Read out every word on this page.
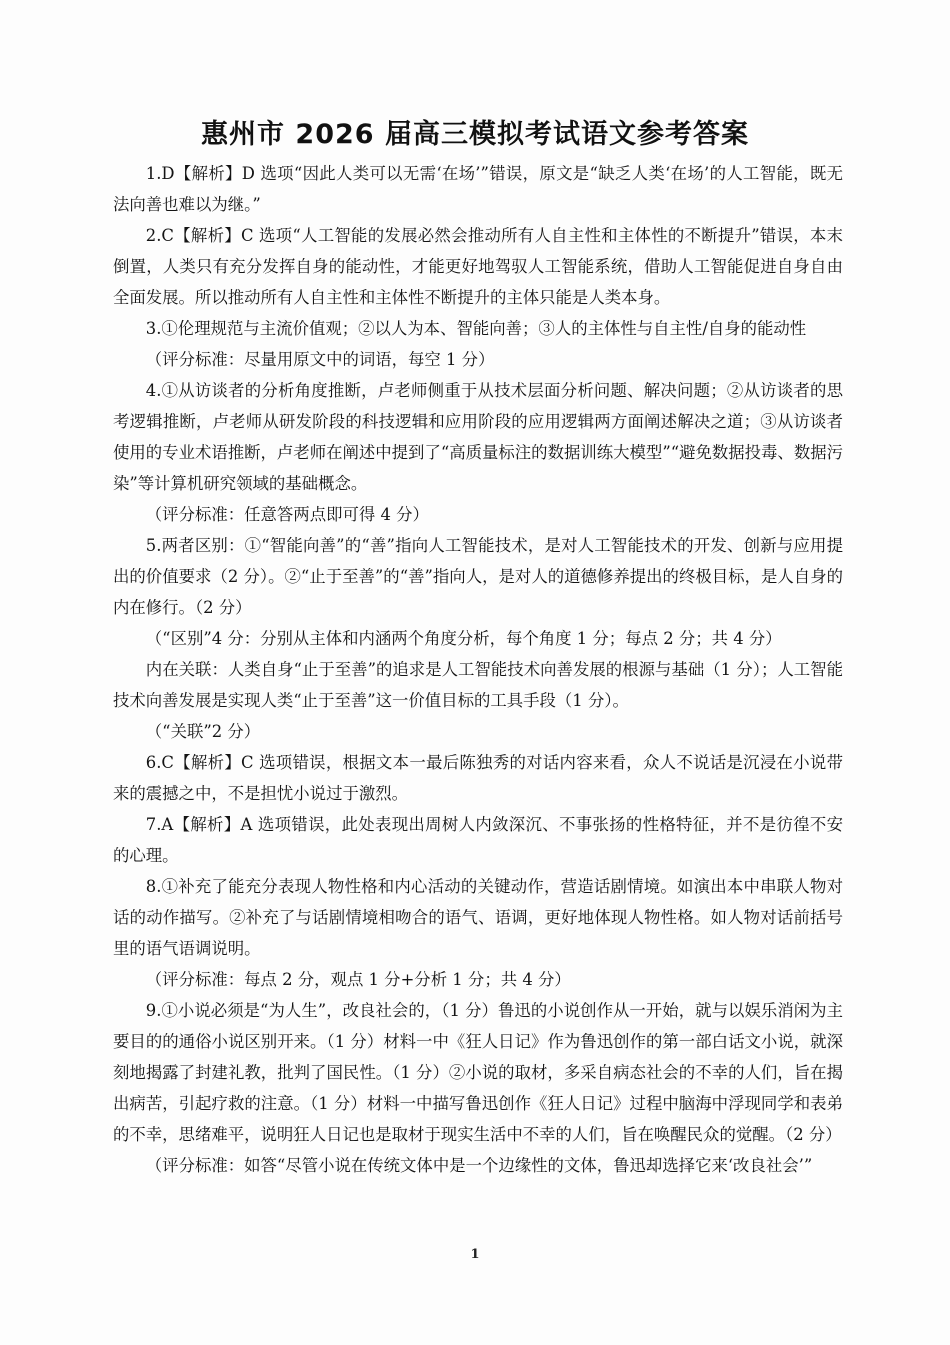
惠州市 2026 届高三模拟考试语文参考答案

1.D【解析】D 选项“因此人类可以无需‘在场’”错误，原文是“缺乏人类‘在场’的人工智能，既无法向善也难以为继。”

2.C【解析】C 选项“人工智能的发展必然会推动所有人自主性和主体性的不断提升”错误，本末倒置，人类只有充分发挥自身的能动性，才能更好地驾驭人工智能系统，借助人工智能促进自身自由全面发展。所以推动所有人自主性和主体性不断提升的主体只能是人类本身。

3.①伦理规范与主流价值观；②以人为本、智能向善；③人的主体性与自主性/自身的能动性

（评分标准：尽量用原文中的词语，每空 1 分）

4.①从访谈者的分析角度推断，卢老师侧重于从技术层面分析问题、解决问题；②从访谈者的思考逻辑推断，卢老师从研发阶段的科技逻辑和应用阶段的应用逻辑两方面阐述解决之道；③从访谈者使用的专业术语推断，卢老师在阐述中提到了“高质量标注的数据训练大模型”“避免数据投毒、数据污染”等计算机研究领域的基础概念。

（评分标准：任意答两点即可得 4 分）

5.两者区别：①“智能向善”的“善”指向人工智能技术，是对人工智能技术的开发、创新与应用提出的价值要求（2 分）。②“止于至善”的“善”指向人，是对人的道德修养提出的终极目标，是人自身的内在修行。（2 分）

（“区别”4 分：分别从主体和内涵两个角度分析，每个角度 1 分；每点 2 分；共 4 分）

内在关联：人类自身“止于至善”的追求是人工智能技术向善发展的根源与基础（1 分）；人工智能技术向善发展是实现人类“止于至善”这一价值目标的工具手段（1 分）。

（“关联”2 分）

6.C【解析】C 选项错误，根据文本一最后陈独秀的对话内容来看，众人不说话是沉浸在小说带来的震撼之中，不是担忧小说过于激烈。

7.A【解析】A 选项错误，此处表现出周树人内敛深沉、不事张扬的性格特征，并不是彷徨不安的心理。

8.①补充了能充分表现人物性格和内心活动的关键动作，营造话剧情境。如演出本中串联人物对话的动作描写。②补充了与话剧情境相吻合的语气、语调，更好地体现人物性格。如人物对话前括号里的语气语调说明。

（评分标准：每点 2 分，观点 1 分+分析 1 分；共 4 分）

9.①小说必须是“为人生”，改良社会的，（1 分）鲁迅的小说创作从一开始，就与以娱乐消闲为主要目的的通俗小说区别开来。（1 分）材料一中《狂人日记》作为鲁迅创作的第一部白话文小说，就深刻地揭露了封建礼教，批判了国民性。（1 分）②小说的取材，多采自病态社会的不幸的人们，旨在揭出病苦，引起疗救的注意。（1 分）材料一中描写鲁迅创作《狂人日记》过程中脑海中浮现同学和表弟的不幸，思绪难平，说明狂人日记也是取材于现实生活中不幸的人们，旨在唤醒民众的觉醒。（2 分）

（评分标准：如答“尽管小说在传统文体中是一个边缘性的文体，鲁迅却选择它来‘改良社会’”

1
